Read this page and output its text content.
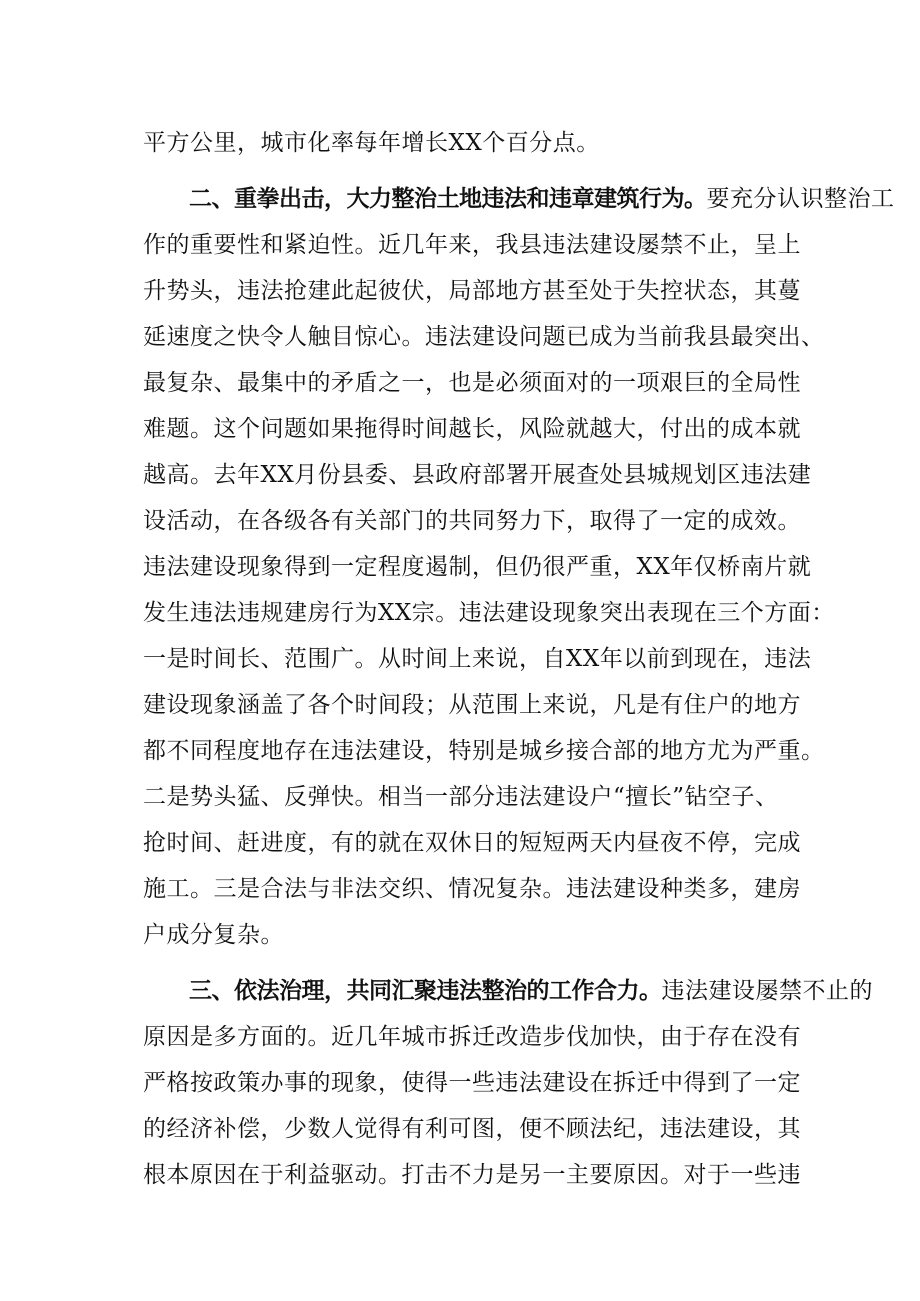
平方公里，城市化率每年增长XX个百分点。
二、重拳出击，大力整治土地违法和违章建筑行为。要充分认识整治工
作的重要性和紧迫性。近几年来，我县违法建设屡禁不止，呈上
升势头，违法抢建此起彼伏，局部地方甚至处于失控状态，其蔓
延速度之快令人触目惊心。违法建设问题已成为当前我县最突出、
最复杂、最集中的矛盾之一，也是必须面对的一项艰巨的全局性
难题。这个问题如果拖得时间越长，风险就越大，付出的成本就
越高。去年XX月份县委、县政府部署开展查处县城规划区违法建
设活动，在各级各有关部门的共同努力下，取得了一定的成效。
违法建设现象得到一定程度遏制，但仍很严重，XX年仅桥南片就
发生违法违规建房行为XX宗。违法建设现象突出表现在三个方面：
一是时间长、范围广。从时间上来说，自XX年以前到现在，违法
建设现象涵盖了各个时间段；从范围上来说，凡是有住户的地方
都不同程度地存在违法建设，特别是城乡接合部的地方尤为严重。
二是势头猛、反弹快。相当一部分违法建设户“擅长”钻空子、
抢时间、赶进度，有的就在双休日的短短两天内昼夜不停，完成
施工。三是合法与非法交织、情况复杂。违法建设种类多，建房
户成分复杂。
三、依法治理，共同汇聚违法整治的工作合力。违法建设屡禁不止的
原因是多方面的。近几年城市拆迁改造步伐加快，由于存在没有
严格按政策办事的现象，使得一些违法建设在拆迁中得到了一定
的经济补偿，少数人觉得有利可图，便不顾法纪，违法建设，其
根本原因在于利益驱动。打击不力是另一主要原因。对于一些违
